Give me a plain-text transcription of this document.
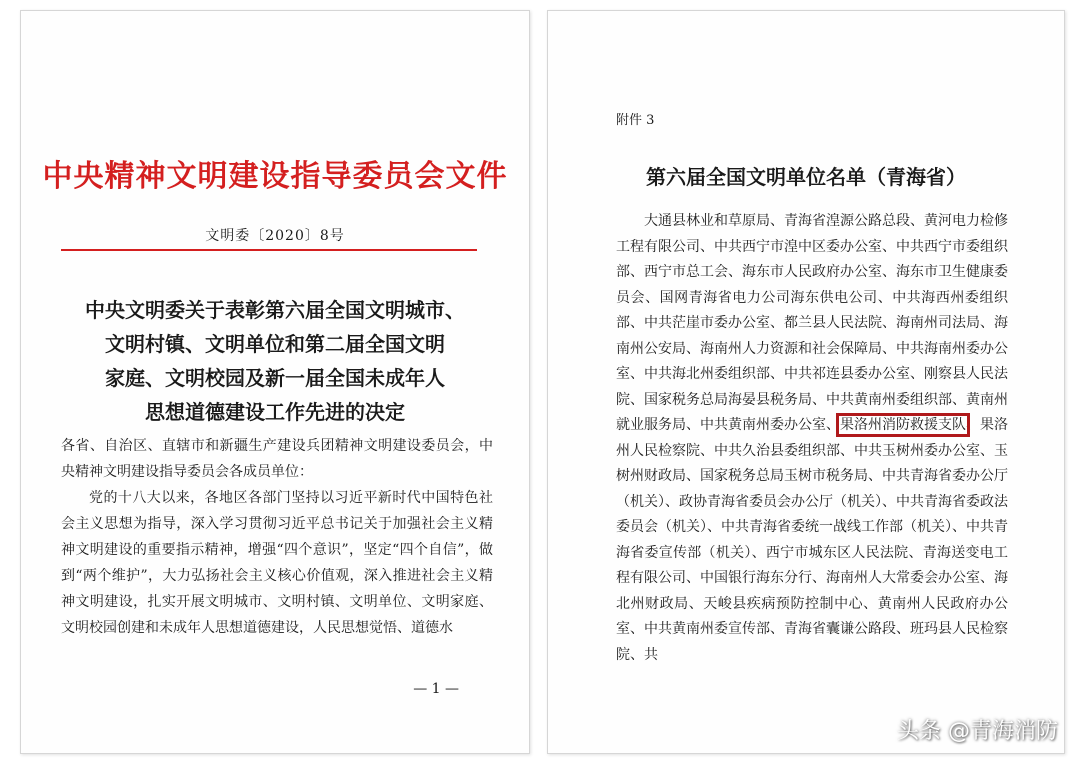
中央精神文明建设指导委员会文件
文明委〔2020〕8号
中央文明委关于表彰第六届全国文明城市、
文明村镇、文明单位和第二届全国文明
家庭、文明校园及新一届全国未成年人
思想道德建设工作先进的决定

各省、自治区、直辖市和新疆生产建设兵团精神文明建设委员会，中央精神文明建设指导委员会各成员单位：

党的十八大以来，各地区各部门坚持以习近平新时代中国特色社会主义思想为指导，深入学习贯彻习近平总书记关于加强社会主义精神文明建设的重要指示精神，增强“四个意识”，坚定“四个自信”，做到“两个维护”，大力弘扬社会主义核心价值观，深入推进社会主义精神文明建设，扎实开展文明城市、文明村镇、文明单位、文明家庭、文明校园创建和未成年人思想道德建设，人民思想觉悟、道德水

— 1 —
附件 3
第六届全国文明单位名单（青海省）
大通县林业和草原局、青海省湟源公路总段、黄河电力检修工程有限公司、中共西宁市湟中区委办公室、中共西宁市委组织部、西宁市总工会、海东市人民政府办公室、海东市卫生健康委员会、国网青海省电力公司海东供电公司、中共海西州委组织部、中共茫崖市委办公室、都兰县人民法院、海南州司法局、海南州公安局、海南州人力资源和社会保障局、中共海南州委办公室、中共海北州委组织部、中共祁连县委办公室、刚察县人民法院、国家税务总局海晏县税务局、中共黄南州委组织部、黄南州就业服务局、中共黄南州委办公室、果洛州消防救援支队、果洛州人民检察院、中共久治县委组织部、中共玉树州委办公室、玉树州财政局、国家税务总局玉树市税务局、中共青海省委办公厅（机关）、政协青海省委员会办公厅（机关）、中共青海省委政法委员会（机关）、中共青海省委统一战线工作部（机关）、中共青海省委宣传部（机关）、西宁市城东区人民法院、青海送变电工程有限公司、中国银行海东分行、海南州人大常委会办公室、海北州财政局、天峻县疾病预防控制中心、黄南州人民政府办公室、中共黄南州委宣传部、青海省囊谦公路段、班玛县人民检察院、共
头条 @青海消防
